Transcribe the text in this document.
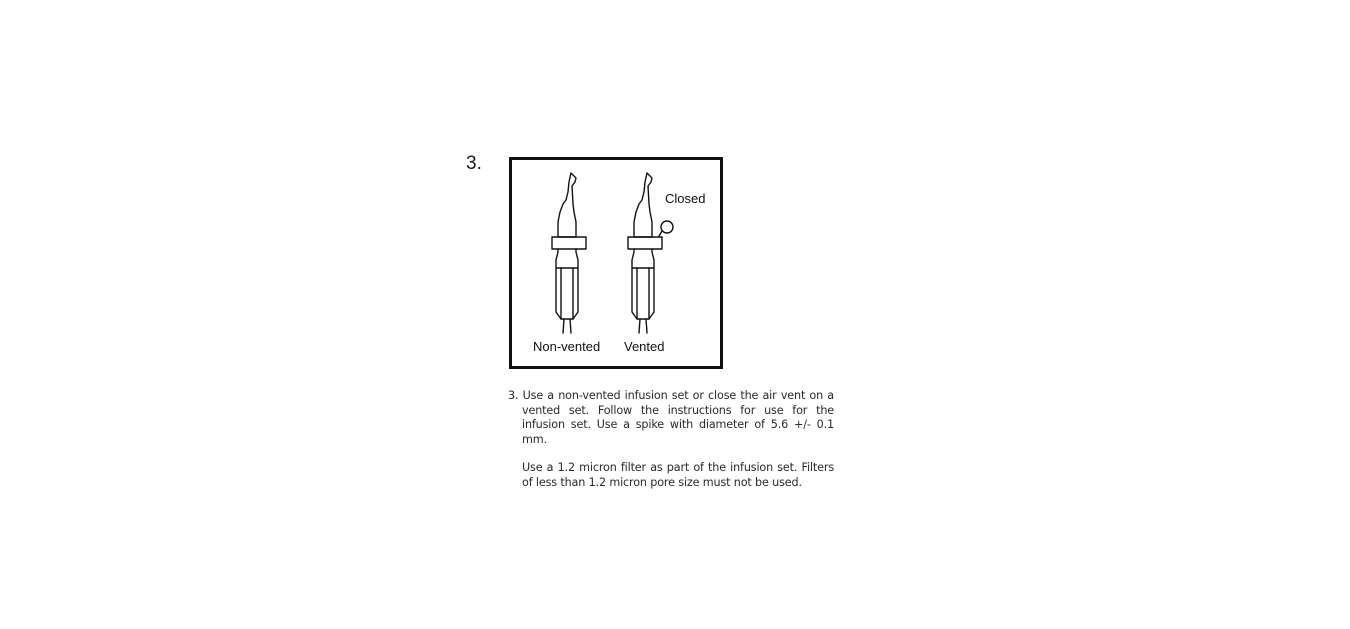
3.
Closed
Non-vented Vented

3. Use a non-vented infusion set or close the air vent on a vented set. Follow the instructions for use for the infusion set. Use a spike with diameter of 5.6 +/- 0.1 mm.

Use a 1.2 micron filter as part of the infusion set. Filters of less than 1.2 micron pore size must not be used.
